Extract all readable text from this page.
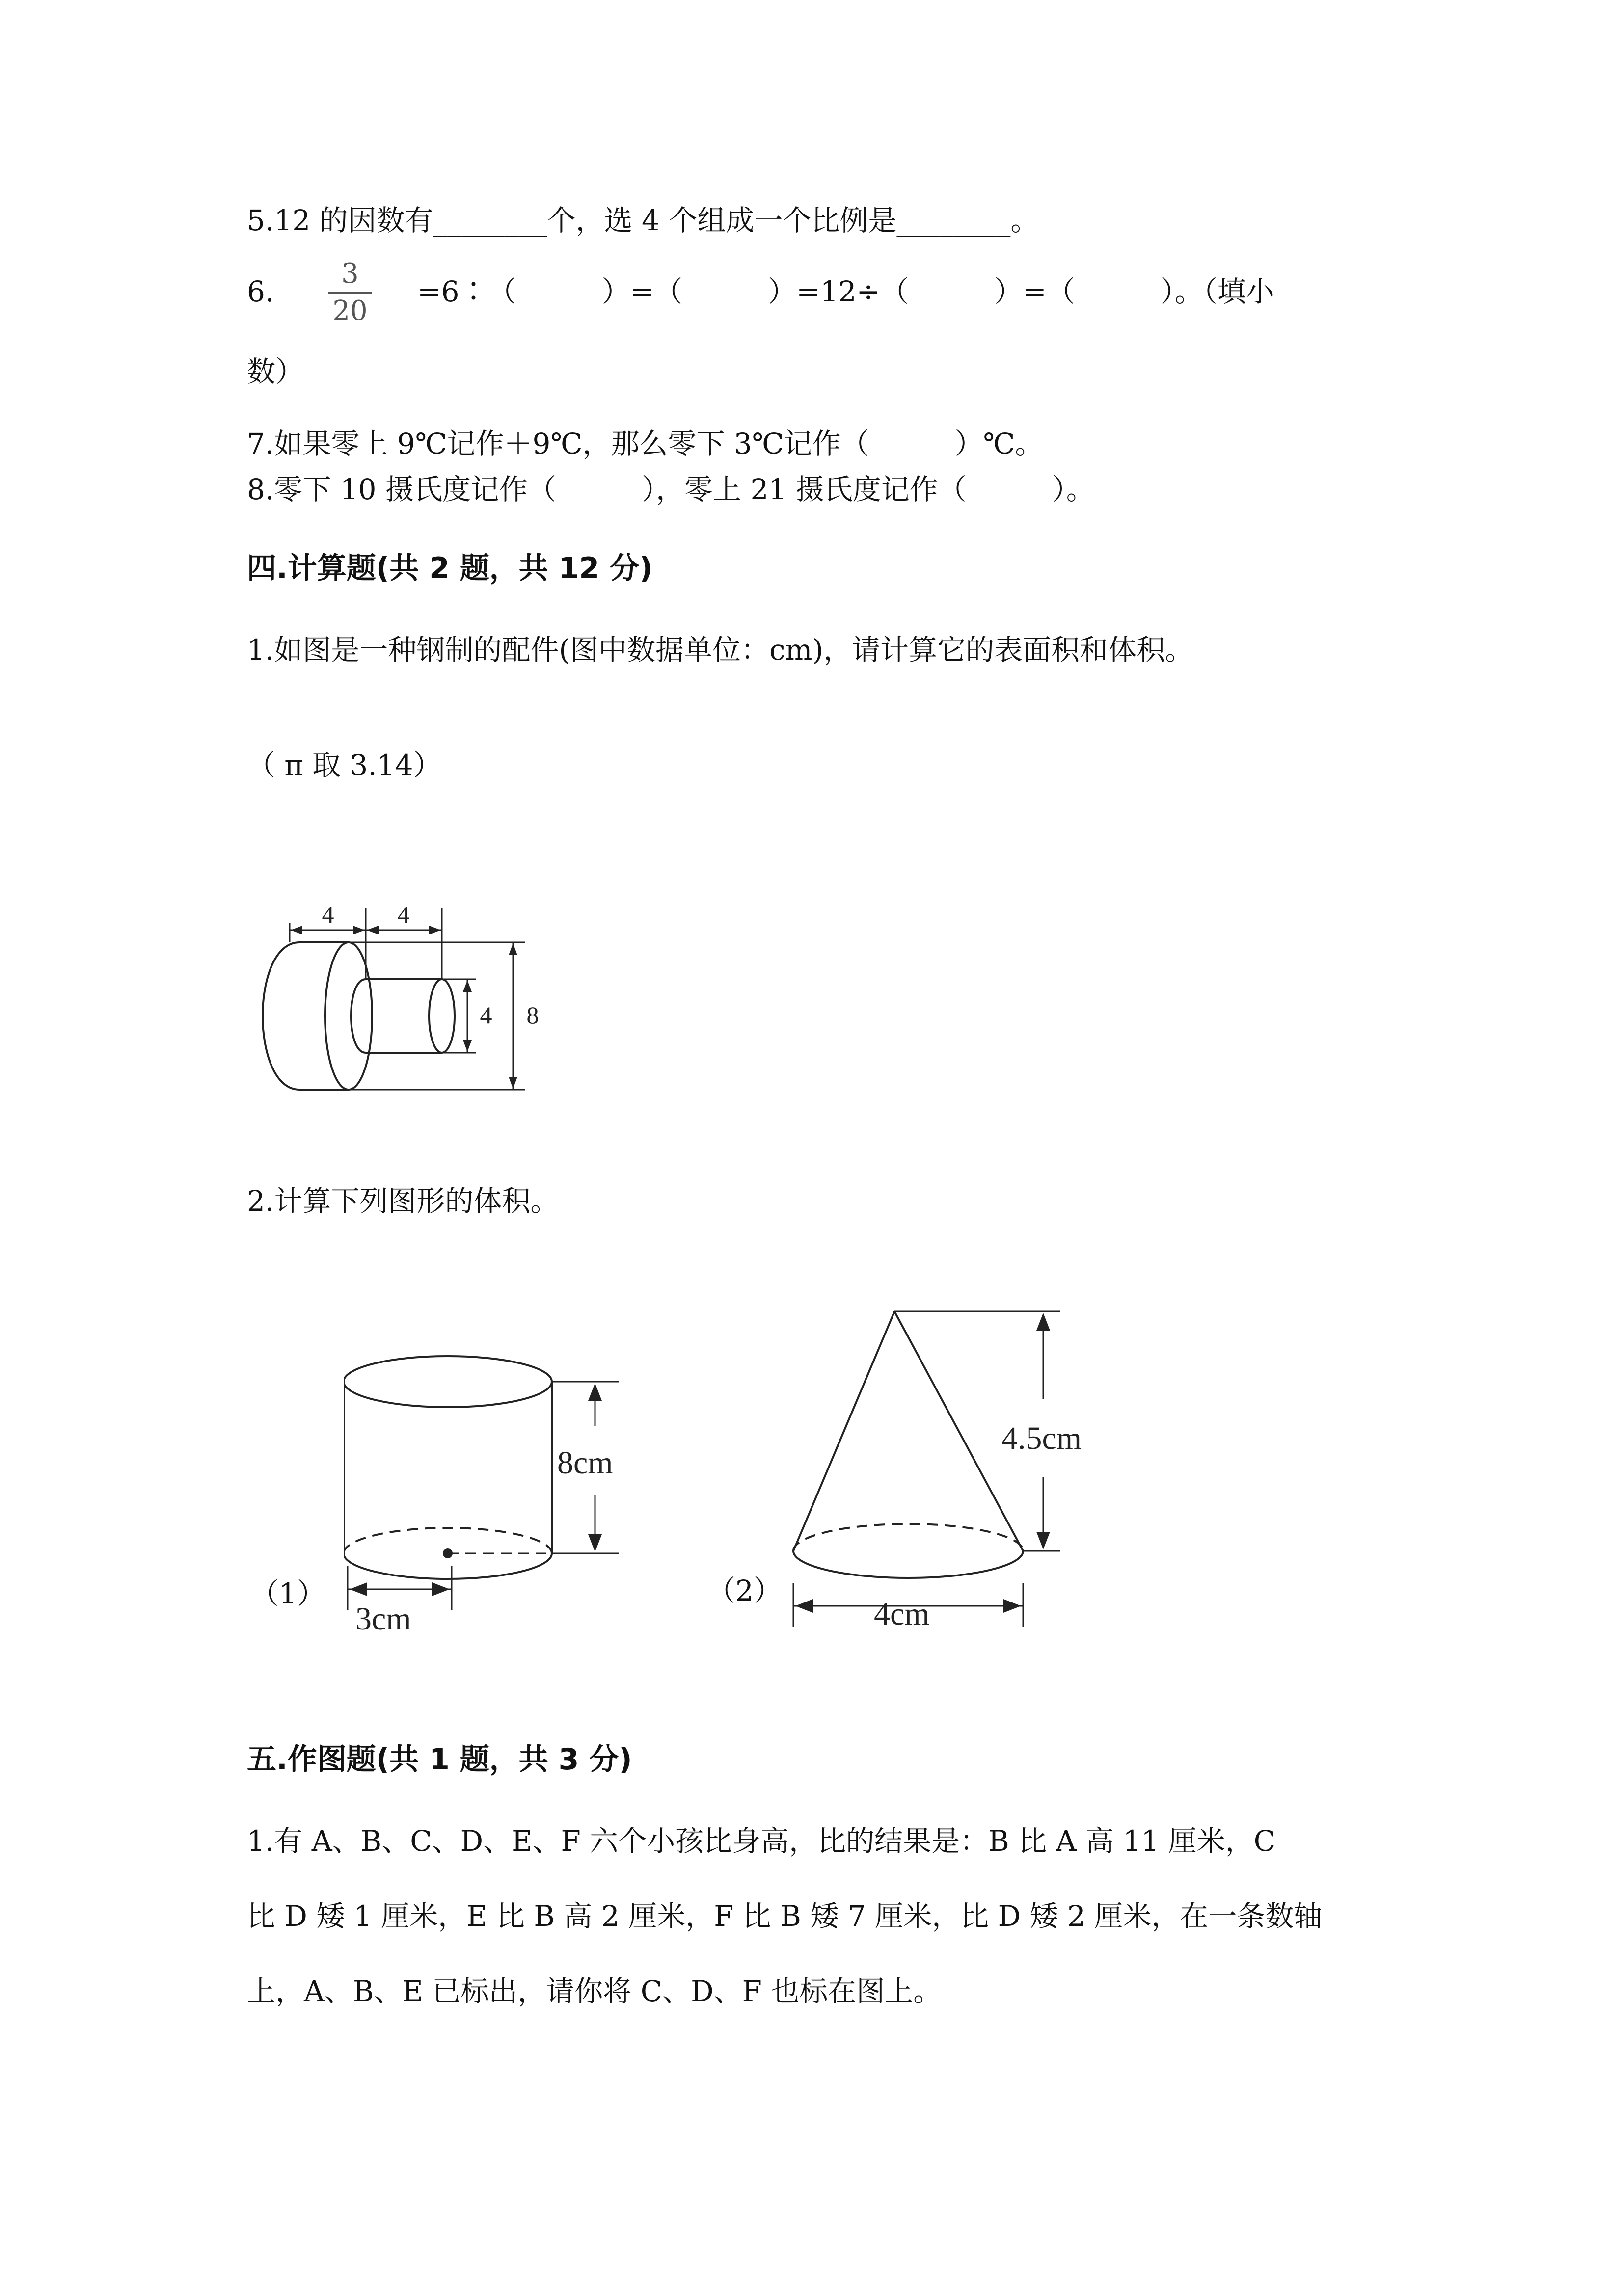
5.12 的因数有________个，选 4 个组成一个比例是________。
6.
3
20
=6∶（　　　）=（　　　）=12÷（　　　）=（　　　）。（填小
数）
7.如果零上 9℃记作＋9℃，那么零下 3℃记作（　　　）℃。
8.零下 10 摄氏度记作（　　　），零上 21 摄氏度记作（　　　）。
四.计算题(共 2 题，共 12 分)
1.如图是一种钢制的配件(图中数据单位：cm)，请计算它的表面积和体积。
（ π 取 3.14）
4	4
4 8
2.计算下列图形的体积。
8cm
3cm
（1）
4.5cm
4cm
（2）
五.作图题(共 1 题，共 3 分)
1.有 A、B、C、D、E、F 六个小孩比身高，比的结果是：B 比 A 高 11 厘米，C
比 D 矮 1 厘米，E 比 B 高 2 厘米，F 比 B 矮 7 厘米，比 D 矮 2 厘米，在一条数轴
上，A、B、E 已标出，请你将 C、D、F 也标在图上。
